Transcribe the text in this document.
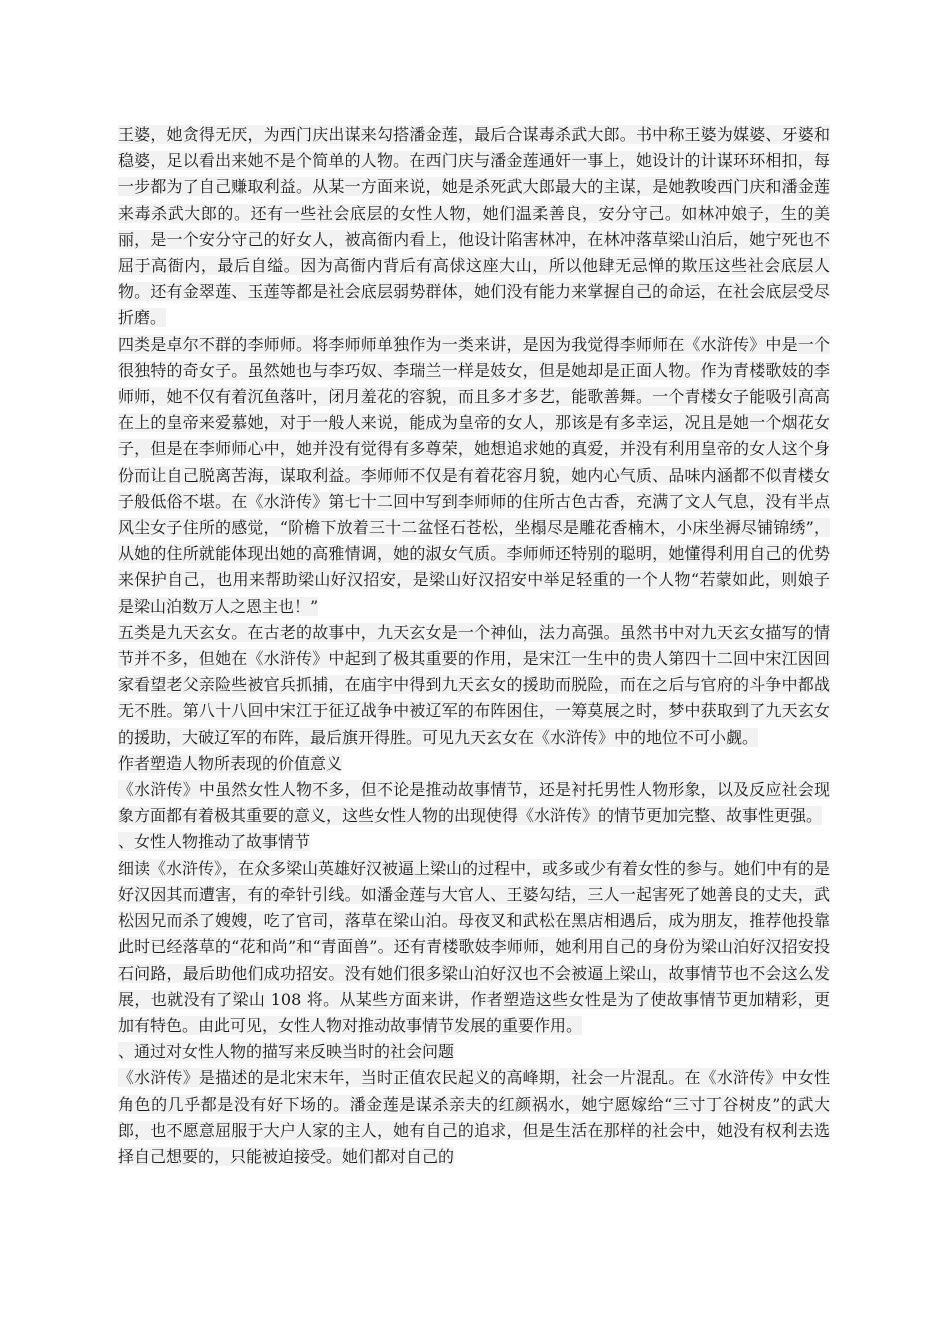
王婆，她贪得无厌，为西门庆出谋来勾搭潘金莲，最后合谋毒杀武大郎。书中称王婆为媒婆、牙婆和稳婆，足以看出来她不是个简单的人物。在西门庆与潘金莲通奸一事上，她设计的计谋环环相扣，每一步都为了自己赚取利益。从某一方面来说，她是杀死武大郎最大的主谋，是她教唆西门庆和潘金莲来毒杀武大郎的。还有一些社会底层的女性人物，她们温柔善良，安分守己。如林冲娘子，生的美丽，是一个安分守己的好女人，被高衙内看上，他设计陷害林冲，在林冲落草梁山泊后，她宁死也不屈于高衙内，最后自缢。因为高衙内背后有高俅这座大山，所以他肆无忌惮的欺压这些社会底层人物。还有金翠莲、玉莲等都是社会底层弱势群体，她们没有能力来掌握自己的命运，在社会底层受尽折磨。

四类是卓尔不群的李师师。将李师师单独作为一类来讲，是因为我觉得李师师在《水浒传》中是一个很独特的奇女子。虽然她也与李巧奴、李瑞兰一样是妓女，但是她却是正面人物。作为青楼歌妓的李师师，她不仅有着沉鱼落叶，闭月羞花的容貌，而且多才多艺，能歌善舞。一个青楼女子能吸引高高在上的皇帝来爱慕她，对于一般人来说，能成为皇帝的女人，那该是有多幸运，况且是她一个烟花女子，但是在李师师心中，她并没有觉得有多尊荣，她想追求她的真爱，并没有利用皇帝的女人这个身份而让自己脱离苦海，谋取利益。李师师不仅是有着花容月貌，她内心气质、品味内涵都不似青楼女子般低俗不堪。在《水浒传》第七十二回中写到李师师的住所古色古香，充满了文人气息，没有半点风尘女子住所的感觉，“阶檐下放着三十二盆怪石苍松，坐榻尽是雕花香楠木，小床坐褥尽铺锦绣”，从她的住所就能体现出她的高雅情调，她的淑女气质。李师师还特别的聪明，她懂得利用自己的优势来保护自己，也用来帮助梁山好汉招安，是梁山好汉招安中举足轻重的一个人物“若蒙如此，则娘子是梁山泊数万人之恩主也！”

五类是九天玄女。在古老的故事中，九天玄女是一个神仙，法力高强。虽然书中对九天玄女描写的情节并不多，但她在《水浒传》中起到了极其重要的作用，是宋江一生中的贵人第四十二回中宋江因回家看望老父亲险些被官兵抓捕，在庙宇中得到九天玄女的援助而脱险，而在之后与官府的斗争中都战无不胜。第八十八回中宋江于征辽战争中被辽军的布阵困住，一筹莫展之时，梦中获取到了九天玄女的援助，大破辽军的布阵，最后旗开得胜。可见九天玄女在《水浒传》中的地位不可小觑。

作者塑造人物所表现的价值意义

《水浒传》中虽然女性人物不多，但不论是推动故事情节，还是衬托男性人物形象，以及反应社会现象方面都有着极其重要的意义，这些女性人物的出现使得《水浒传》的情节更加完整、故事性更强。

、女性人物推动了故事情节

细读《水浒传》，在众多梁山英雄好汉被逼上梁山的过程中，或多或少有着女性的参与。她们中有的是好汉因其而遭害，有的牵针引线。如潘金莲与大官人、王婆勾结，三人一起害死了她善良的丈夫，武松因兄而杀了嫂嫂，吃了官司，落草在梁山泊。母夜叉和武松在黑店相遇后，成为朋友，推荐他投靠此时已经落草的“花和尚”和“青面兽”。还有青楼歌妓李师师，她利用自己的身份为梁山泊好汉招安投石问路，最后助他们成功招安。没有她们很多梁山泊好汉也不会被逼上梁山，故事情节也不会这么发展，也就没有了梁山 108 将。从某些方面来讲，作者塑造这些女性是为了使故事情节更加精彩，更加有特色。由此可见，女性人物对推动故事情节发展的重要作用。

、通过对女性人物的描写来反映当时的社会问题

《水浒传》是描述的是北宋末年，当时正值农民起义的高峰期，社会一片混乱。在《水浒传》中女性角色的几乎都是没有好下场的。潘金莲是谋杀亲夫的红颜祸水，她宁愿嫁给“三寸丁谷树皮”的武大郎，也不愿意屈服于大户人家的主人，她有自己的追求，但是生活在那样的社会中，她没有权利去选择自己想要的，只能被迫接受。她们都对自己的
